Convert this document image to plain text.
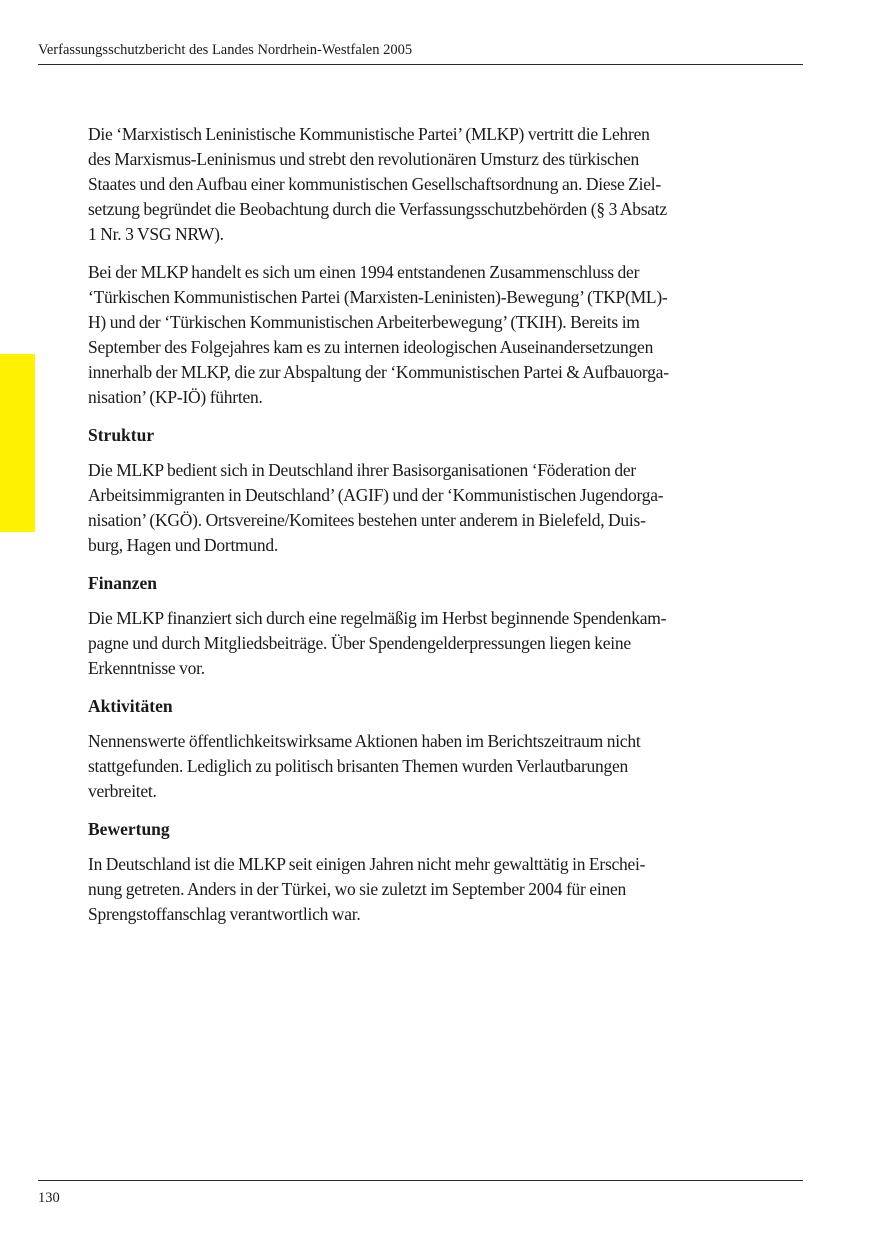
Verfassungsschutzbericht des Landes Nordrhein-Westfalen 2005

Die ‘Marxistisch Leninistische Kommunistische Partei’ (MLKP) vertritt die Lehren
des Marxismus-Leninismus und strebt den revolutionären Umsturz des türkischen
Staates und den Aufbau einer kommunistischen Gesellschaftsordnung an. Diese Ziel-
setzung begründet die Beobachtung durch die Verfassungsschutzbehörden (§ 3 Absatz
1 Nr. 3 VSG NRW).

Bei der MLKP handelt es sich um einen 1994 entstandenen Zusammenschluss der
‘Türkischen Kommunistischen Partei (Marxisten-Leninisten)-Bewegung’ (TKP(ML)-
H) und der ‘Türkischen Kommunistischen Arbeiterbewegung’ (TKIH). Bereits im
September des Folgejahres kam es zu internen ideologischen Auseinandersetzungen
innerhalb der MLKP, die zur Abspaltung der ‘Kommunistischen Partei & Aufbauorga-
nisation’ (KP-IÖ) führten.

Struktur

Die MLKP bedient sich in Deutschland ihrer Basisorganisationen ‘Föderation der
Arbeitsimmigranten in Deutschland’ (AGIF) und der ‘Kommunistischen Jugendorga-
nisation’ (KGÖ). Ortsvereine/Komitees bestehen unter anderem in Bielefeld, Duis-
burg, Hagen und Dortmund.

Finanzen

Die MLKP finanziert sich durch eine regelmäßig im Herbst beginnende Spendenkam-
pagne und durch Mitgliedsbeiträge. Über Spendengelderpressungen liegen keine
Erkenntnisse vor.

Aktivitäten

Nennenswerte öffentlichkeitswirksame Aktionen haben im Berichtszeitraum nicht
stattgefunden. Lediglich zu politisch brisanten Themen wurden Verlautbarungen
verbreitet.

Bewertung

In Deutschland ist die MLKP seit einigen Jahren nicht mehr gewalttätig in Erschei-
nung getreten. Anders in der Türkei, wo sie zuletzt im September 2004 für einen
Sprengstoffanschlag verantwortlich war.

130
